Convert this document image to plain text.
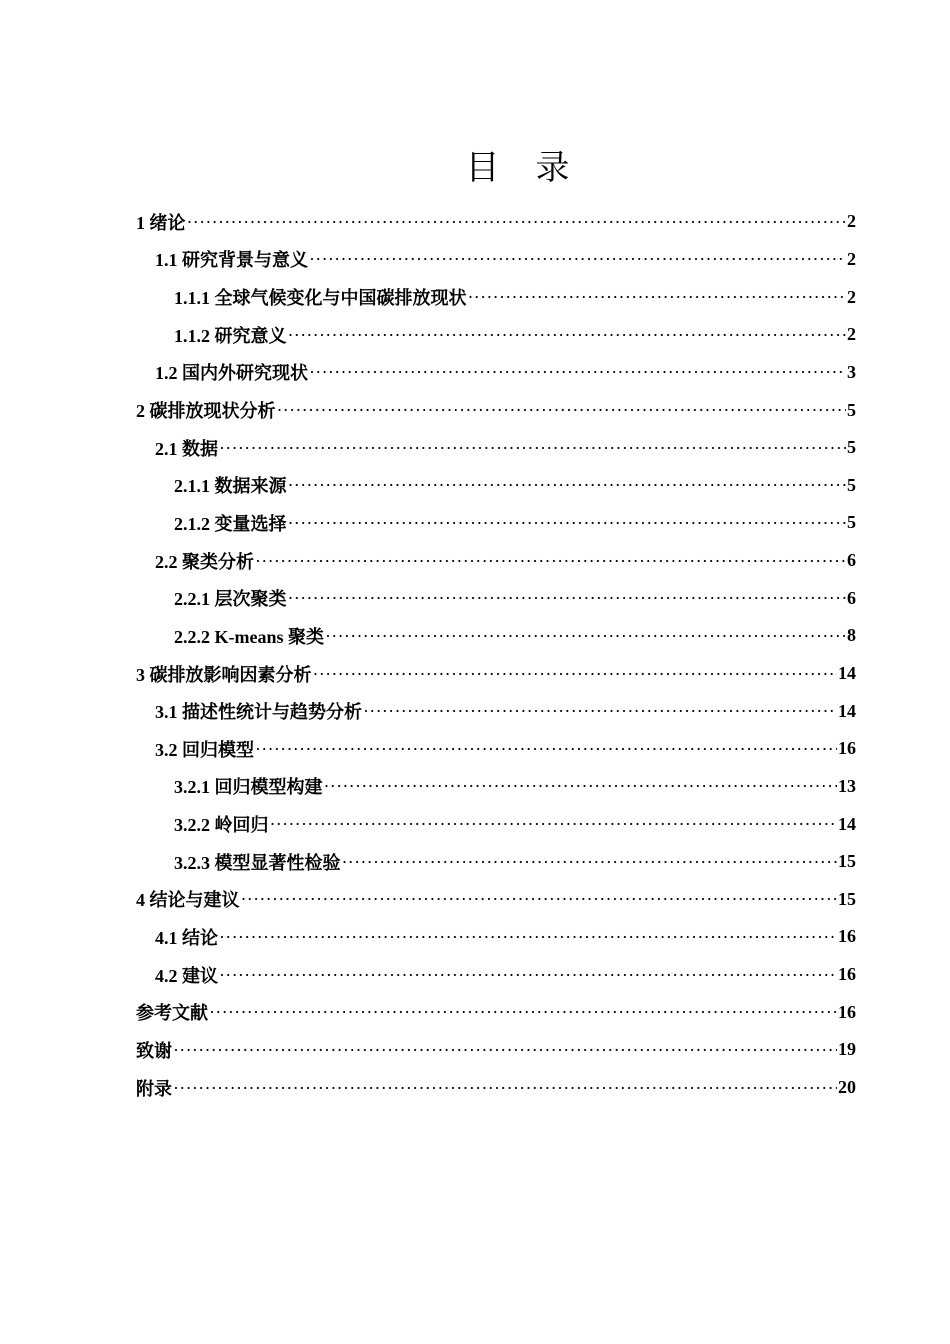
目 录
1 绪论 ·····	2
1.1 研究背景与意义 ·····	2
1.1.1 全球气候变化与中国碳排放现状 ·····	2
1.1.2 研究意义 ·····	2
1.2 国内外研究现状 ·····	3
2 碳排放现状分析 ·····	5
2.1 数据 ·····	5
2.1.1 数据来源 ·····	5
2.1.2 变量选择 ·····	5
2.2 聚类分析 ·····	6
2.2.1 层次聚类 ·····	6
2.2.2 K-means 聚类 ·····	8
3 碳排放影响因素分析 ·····	14
3.1 描述性统计与趋势分析 ·····	14
3.2 回归模型 ·····	16
3.2.1 回归模型构建 ·····	13
3.2.2 岭回归 ·····	14
3.2.3 模型显著性检验 ·····	15
4 结论与建议 ·····	15
4.1 结论 ·····	16
4.2 建议 ·····	16
参考文献 ·····	16
致谢 ·····	19
附录 ·····	20
